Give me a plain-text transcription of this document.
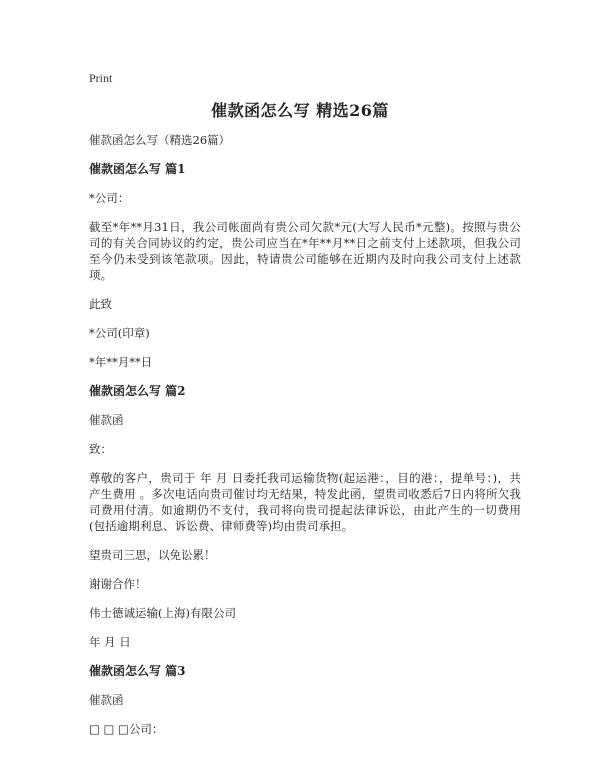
Print
催款函怎么写 精选26篇

催款函怎么写（精选26篇）

催款函怎么写 篇1

*公司：

截至*年**月31日，我公司帐面尚有贵公司欠款*元(大写人民币*元整)。按照与贵公司的有关合同协议的约定，贵公司应当在*年**月**日之前支付上述款项，但我公司至今仍未受到该笔款项。因此，特请贵公司能够在近期内及时向我公司支付上述款项。

此致

*公司(印章)

*年**月**日

催款函怎么写 篇2

催款函

致：

尊敬的客户，贵司于 年 月 日委托我司运输货物(起运港：，目的港：，提单号：)，共产生费用 。多次电话向贵司催讨均无结果，特发此函，望贵司收悉后7日内将所欠我司费用付清。如逾期仍不支付，我司将向贵司提起法律诉讼，由此产生的一切费用(包括逾期利息、诉讼费、律师费等)均由贵司承担。

望贵司三思，以免讼累！

谢谢合作！

伟士德诚运输(上海)有限公司

年 月 日

催款函怎么写 篇3

催款函

□ □ □公司：
